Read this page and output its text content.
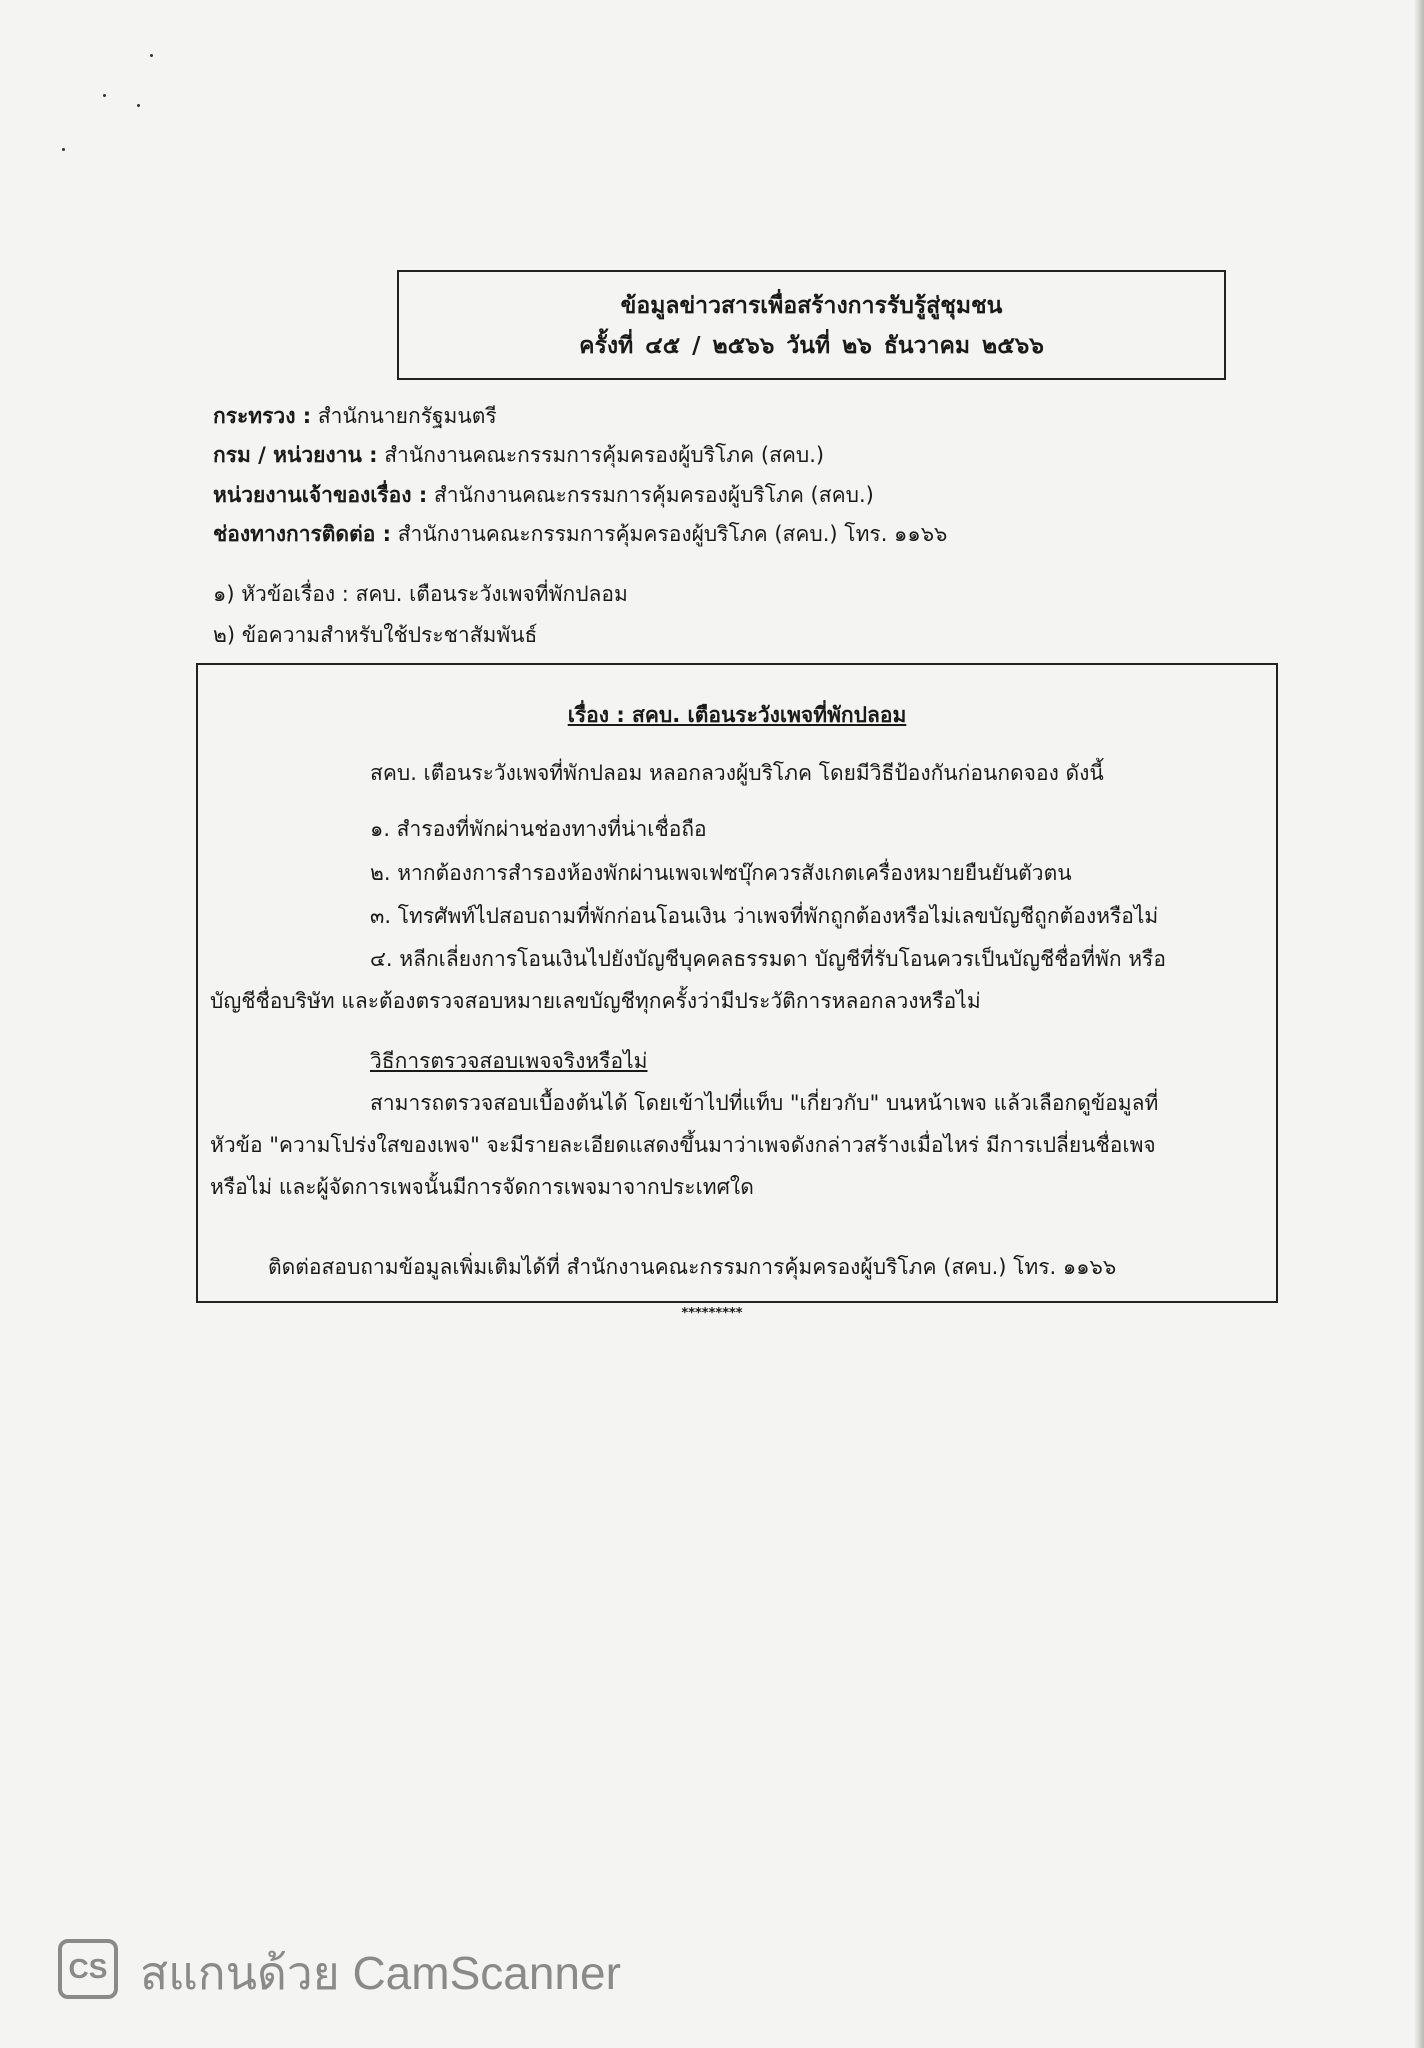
ข้อมูลข่าวสารเพื่อสร้างการรับรู้สู่ชุมชน
ครั้งที่ ๔๕ / ๒๕๖๖ วันที่ ๒๖ ธันวาคม ๒๕๖๖
กระทรวง : สำนักนายกรัฐมนตรี
กรม / หน่วยงาน : สำนักงานคณะกรรมการคุ้มครองผู้บริโภค (สคบ.)
หน่วยงานเจ้าของเรื่อง : สำนักงานคณะกรรมการคุ้มครองผู้บริโภค (สคบ.)
ช่องทางการติดต่อ : สำนักงานคณะกรรมการคุ้มครองผู้บริโภค (สคบ.) โทร. ๑๑๖๖
๑) หัวข้อเรื่อง : สคบ. เตือนระวังเพจที่พักปลอม
๒) ข้อความสำหรับใช้ประชาสัมพันธ์
เรื่อง : สคบ. เตือนระวังเพจที่พักปลอม
สคบ. เตือนระวังเพจที่พักปลอม หลอกลวงผู้บริโภค โดยมีวิธีป้องกันก่อนกดจอง ดังนี้
๑. สำรองที่พักผ่านช่องทางที่น่าเชื่อถือ
๒. หากต้องการสำรองห้องพักผ่านเพจเฟซบุ๊กควรสังเกตเครื่องหมายยืนยันตัวตน
๓. โทรศัพท์ไปสอบถามที่พักก่อนโอนเงิน ว่าเพจที่พักถูกต้องหรือไม่เลขบัญชีถูกต้องหรือไม่
๔. หลีกเลี่ยงการโอนเงินไปยังบัญชีบุคคลธรรมดา บัญชีที่รับโอนควรเป็นบัญชีชื่อที่พัก หรือ
บัญชีชื่อบริษัท และต้องตรวจสอบหมายเลขบัญชีทุกครั้งว่ามีประวัติการหลอกลวงหรือไม่
วิธีการตรวจสอบเพจจริงหรือไม่
สามารถตรวจสอบเบื้องต้นได้ โดยเข้าไปที่แท็บ "เกี่ยวกับ" บนหน้าเพจ แล้วเลือกดูข้อมูลที่
หัวข้อ "ความโปร่งใสของเพจ" จะมีรายละเอียดแสดงขึ้นมาว่าเพจดังกล่าวสร้างเมื่อไหร่ มีการเปลี่ยนชื่อเพจ
หรือไม่ และผู้จัดการเพจนั้นมีการจัดการเพจมาจากประเทศใด
ติดต่อสอบถามข้อมูลเพิ่มเติมได้ที่ สำนักงานคณะกรรมการคุ้มครองผู้บริโภค (สคบ.) โทร. ๑๑๖๖
*********
CS สแกนด้วย CamScanner
